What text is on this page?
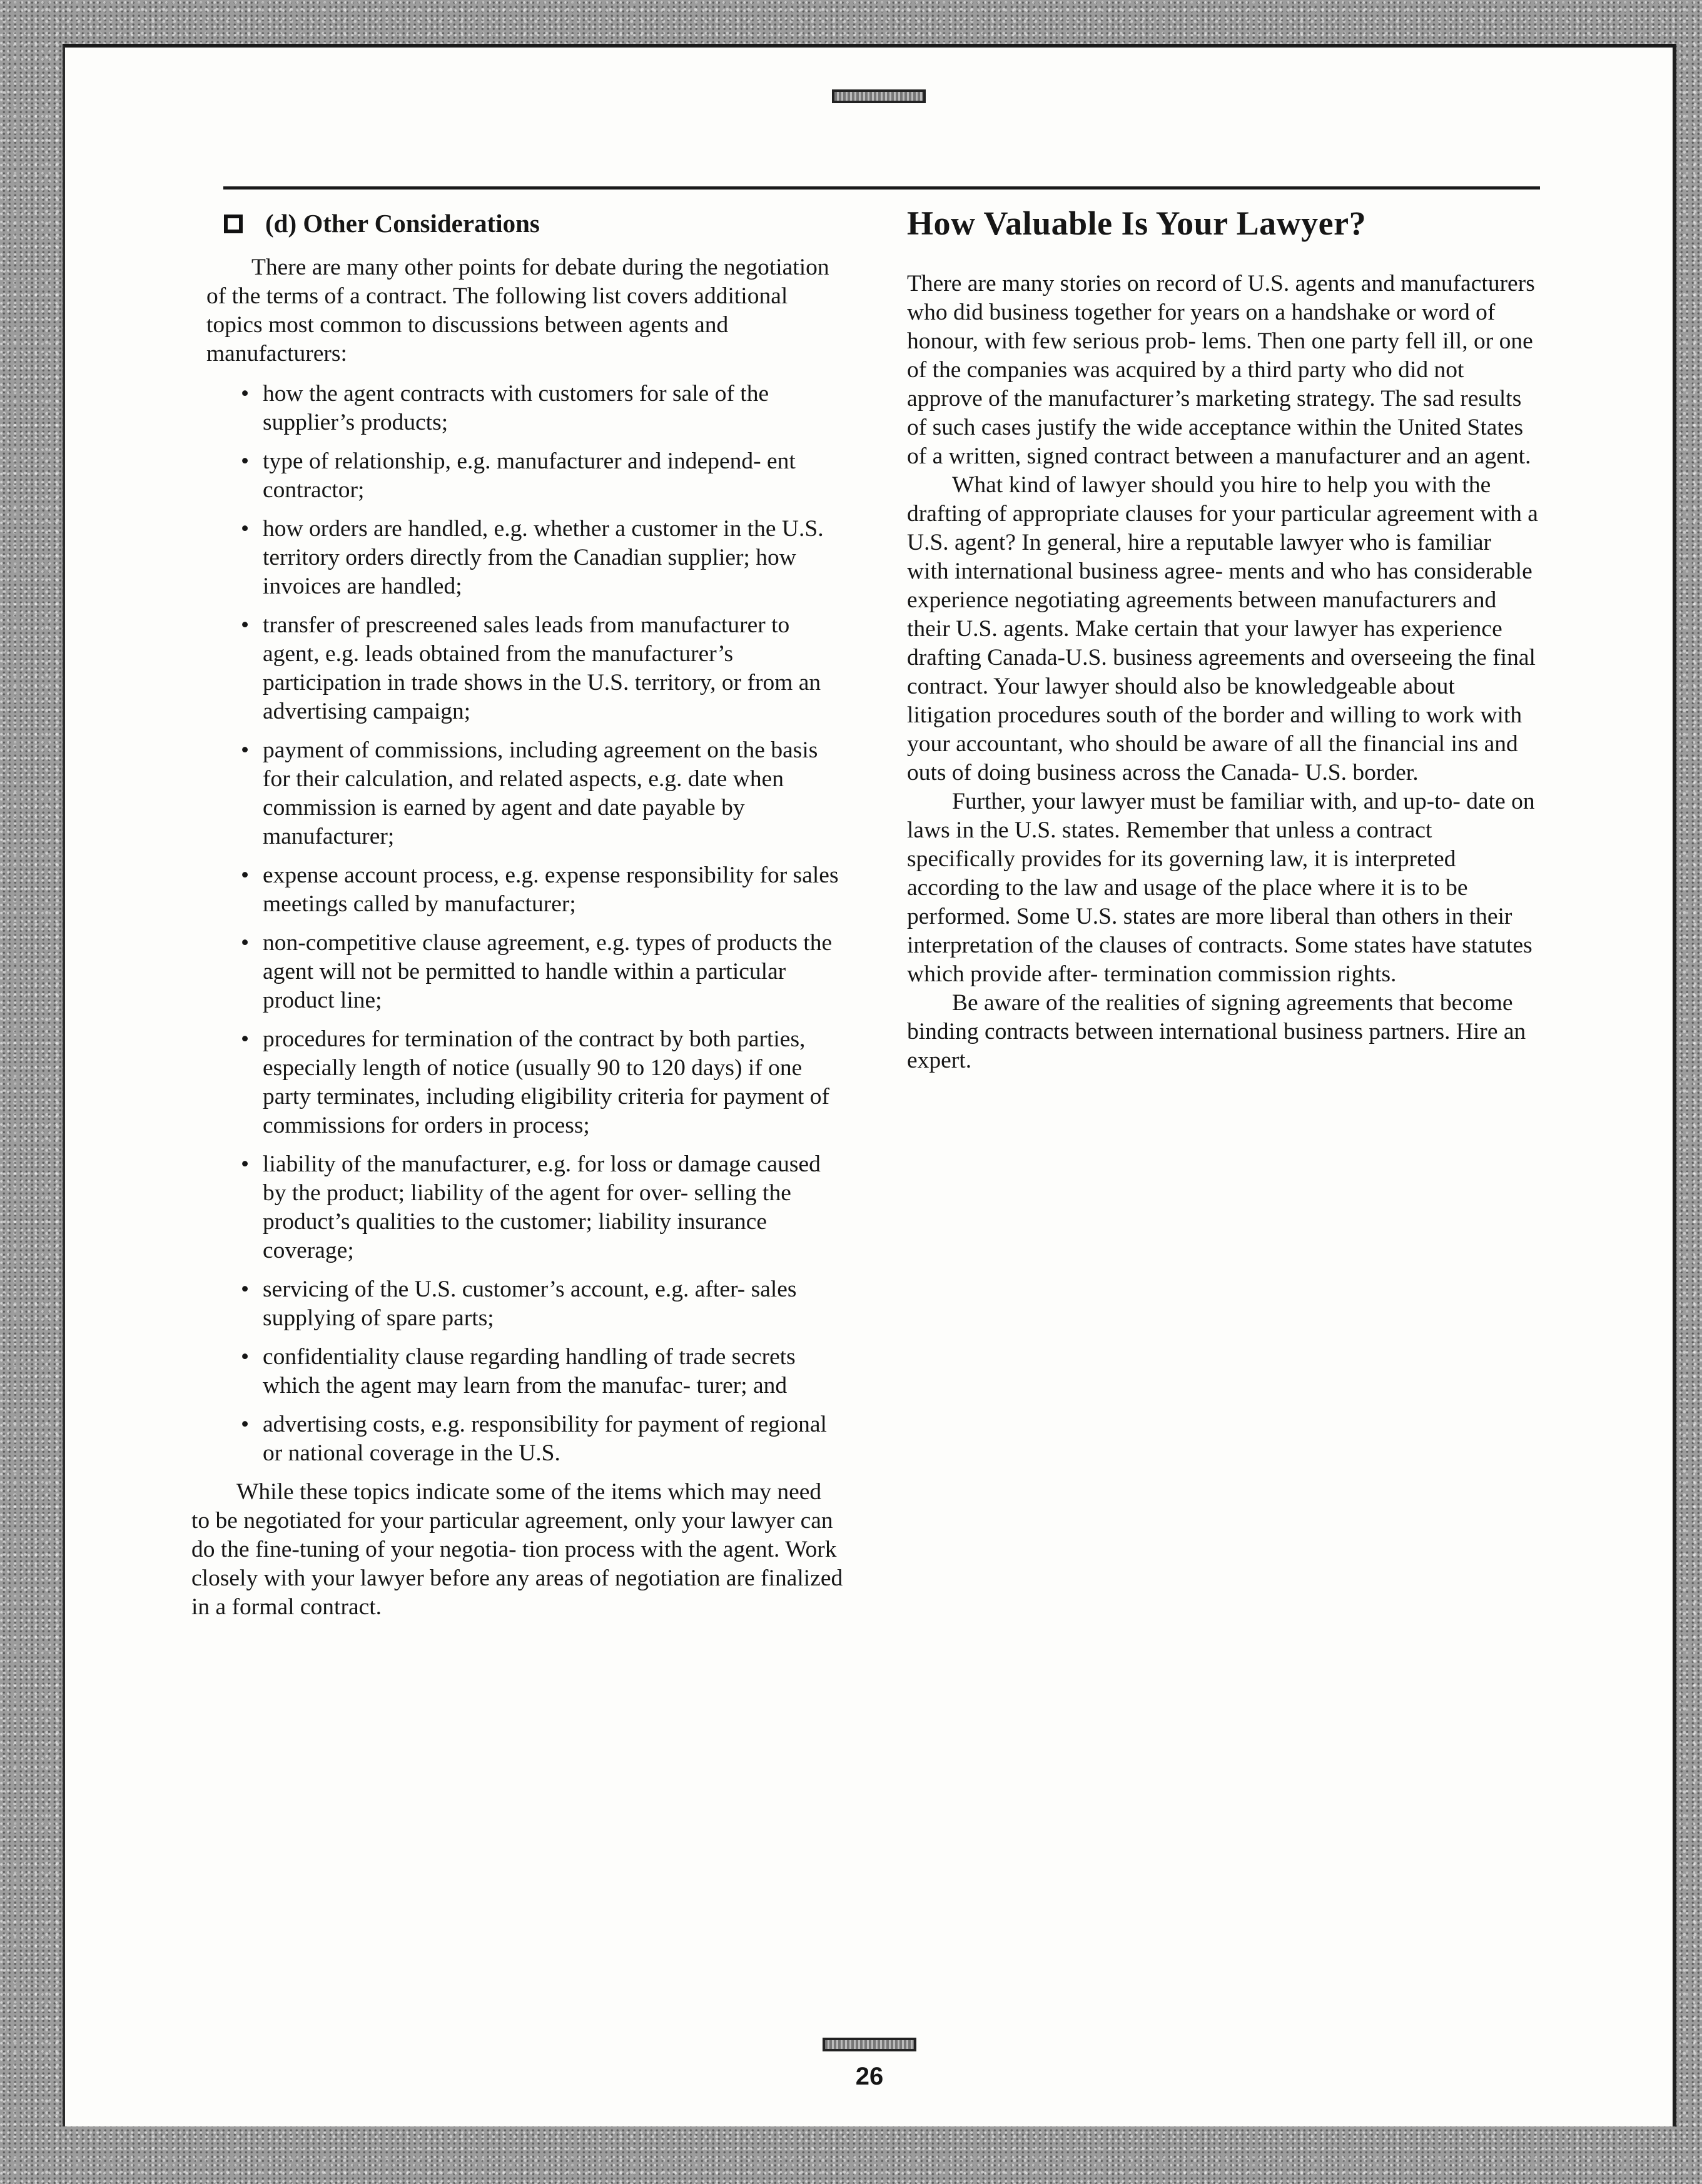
(d) Other Considerations

There are many other points for debate during the negotiation of the terms of a contract. The following list covers additional topics most common to discussions between agents and manufacturers:

• how the agent contracts with customers for sale of the supplier’s products;
• type of relationship, e.g. manufacturer and independ- ent contractor;
• how orders are handled, e.g. whether a customer in the U.S. territory orders directly from the Canadian supplier; how invoices are handled;
• transfer of prescreened sales leads from manufacturer to agent, e.g. leads obtained from the manufacturer’s participation in trade shows in the U.S. territory, or from an advertising campaign;
• payment of commissions, including agreement on the basis for their calculation, and related aspects, e.g. date when commission is earned by agent and date payable by manufacturer;
• expense account process, e.g. expense responsibility for sales meetings called by manufacturer;
• non-competitive clause agreement, e.g. types of products the agent will not be permitted to handle within a particular product line;
• procedures for termination of the contract by both parties, especially length of notice (usually 90 to 120 days) if one party terminates, including eligibility criteria for payment of commissions for orders in process;
• liability of the manufacturer, e.g. for loss or damage caused by the product; liability of the agent for over- selling the product’s qualities to the customer; liability insurance coverage;
• servicing of the U.S. customer’s account, e.g. after- sales supplying of spare parts;
• confidentiality clause regarding handling of trade secrets which the agent may learn from the manufac- turer; and
• advertising costs, e.g. responsibility for payment of regional or national coverage in the U.S.

While these topics indicate some of the items which may need to be negotiated for your particular agreement, only your lawyer can do the fine-tuning of your negotia- tion process with the agent. Work closely with your lawyer before any areas of negotiation are finalized in a formal contract.

How Valuable Is Your Lawyer?

There are many stories on record of U.S. agents and manufacturers who did business together for years on a handshake or word of honour, with few serious prob- lems. Then one party fell ill, or one of the companies was acquired by a third party who did not approve of the manufacturer’s marketing strategy. The sad results of such cases justify the wide acceptance within the United States of a written, signed contract between a manufacturer and an agent.

What kind of lawyer should you hire to help you with the drafting of appropriate clauses for your particular agreement with a U.S. agent? In general, hire a reputable lawyer who is familiar with international business agree- ments and who has considerable experience negotiating agreements between manufacturers and their U.S. agents. Make certain that your lawyer has experience drafting Canada-U.S. business agreements and overseeing the final contract. Your lawyer should also be knowledgeable about litigation procedures south of the border and willing to work with your accountant, who should be aware of all the financial ins and outs of doing business across the Canada- U.S. border.

Further, your lawyer must be familiar with, and up-to- date on laws in the U.S. states. Remember that unless a contract specifically provides for its governing law, it is interpreted according to the law and usage of the place where it is to be performed. Some U.S. states are more liberal than others in their interpretation of the clauses of contracts. Some states have statutes which provide after- termination commission rights.

Be aware of the realities of signing agreements that become binding contracts between international business partners. Hire an expert.

26
